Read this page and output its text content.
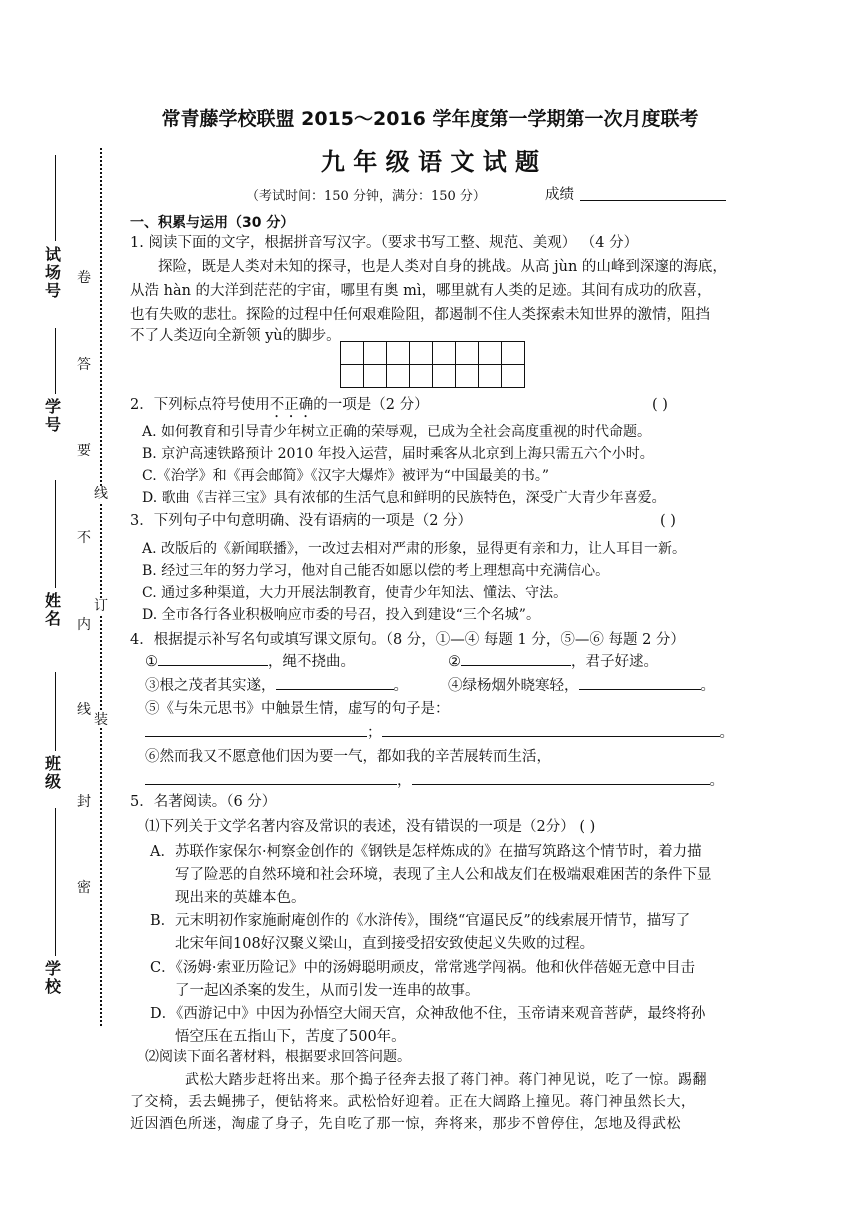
试场号
学号
姓名
班级
学校
卷
答
要
不
内
线
封
密
线
订
装
常青藤学校联盟 2015～2016 学年度第一学期第一次月度联考
九 年 级 语 文 试 题
（考试时间：150 分钟，满分：150 分）	成绩
一、积累与运用（30 分）
1. 阅读下面的文字，根据拼音写汉字。（要求书写工整、规范、美观） （4 分）
探险，既是人类对未知的探寻，也是人类对自身的挑战。从高 jùn 的山峰到深邃的海底，
从浩 hàn 的大洋到茫茫的宇宙，哪里有奥 mì，哪里就有人类的足迹。其间有成功的欣喜，
也有失败的悲壮。探险的过程中任何艰难险阻，都遏制不住人类探索未知世界的激情，阻挡
不了人类迈向全新领 yù的脚步。

2．下列标点符号使用不正确的一项是（2 分）	( )
A. 如何教育和引导青少年树立正确的荣辱观，已成为全社会高度重视的时代命题。
B. 京沪高速铁路预计 2010 年投入运营，届时乘客从北京到上海只需五六个小时。
C.《治学》和《再会邮简》《汉字大爆炸》被评为“中国最美的书。”
D. 歌曲《吉祥三宝》具有浓郁的生活气息和鲜明的民族特色，深受广大青少年喜爱。
3．下列句子中句意明确、没有语病的一项是（2 分）	( )
A. 改版后的《新闻联播》，一改过去相对严肃的形象，显得更有亲和力，让人耳目一新。
B. 经过三年的努力学习，他对自己能否如愿以偿的考上理想高中充满信心。
C. 通过多种渠道，大力开展法制教育，使青少年知法、懂法、守法。
D. 全市各行各业积极响应市委的号召，投入到建设“三个名城”。
4．根据提示补写名句或填写课文原句。（8 分，①—④ 每题 1 分，⑤—⑥ 每题 2 分）
①	，绳不挠曲。	②	，君子好逑。
③根之茂者其实遂，	。	④绿杨烟外晓寒轻，	。
⑤《与朱元思书》中触景生情，虚写的句子是：
；	。
⑥然而我又不愿意他们因为要一气，都如我的辛苦展转而生活，
，	。
5．名著阅读。（6 分）
⑴下列关于文学名著内容及常识的表述，没有错误的一项是（2分） ( )
A．苏联作家保尔·柯察金创作的《钢铁是怎样炼成的》在描写筑路这个情节时，着力描
写了险恶的自然环境和社会环境，表现了主人公和战友们在极端艰难困苦的条件下显
现出来的英雄本色。
B．元末明初作家施耐庵创作的《水浒传》，围绕“官逼民反”的线索展开情节，描写了
北宋年间108好汉聚义梁山，直到接受招安致使起义失败的过程。
C．《汤姆·索亚历险记》中的汤姆聪明顽皮，常常逃学闯祸。他和伙伴蓓姬无意中目击
了一起凶杀案的发生，从而引发一连串的故事。
D．《西游记中》中因为孙悟空大闹天宫，众神敌他不住，玉帝请来观音菩萨，最终将孙
悟空压在五指山下，苦度了500年。
⑵阅读下面名著材料，根据要求回答问题。
武松大踏步赶将出来。那个搗子径奔去报了蒋门神。蒋门神见说，吃了一惊。踢翻
了交椅，丢去蝇拂子，便钻将来。武松恰好迎着。正在大阔路上撞见。蒋门神虽然长大，
近因酒色所迷，淘虚了身子，先自吃了那一惊，奔将来，那步不曾停住，怎地及得武松
